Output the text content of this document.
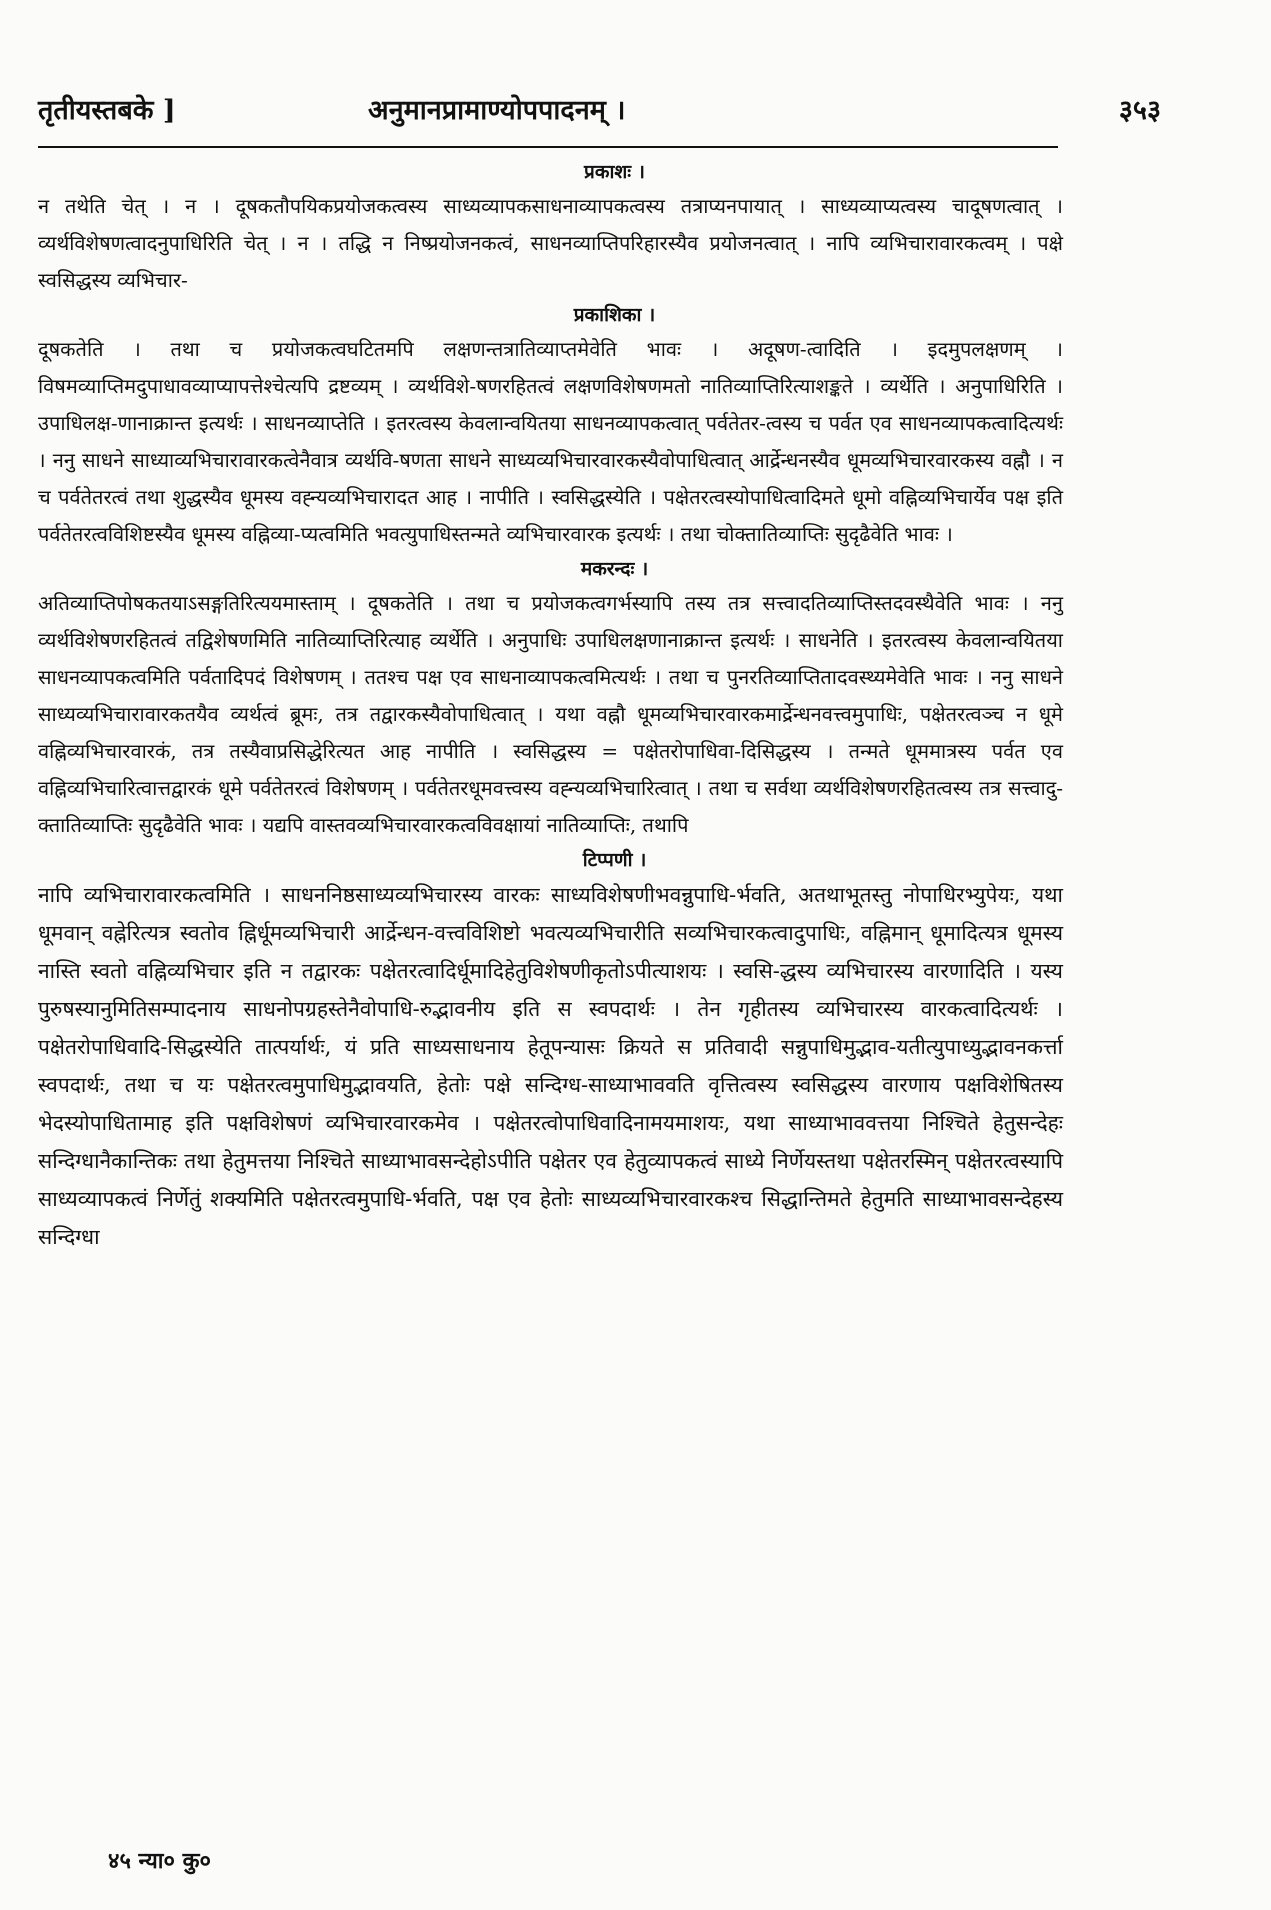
तृतीयस्तबके ]	अनुमानप्रामाण्योपपादनम् ।	३५३
प्रकाशः ।
न तथेति चेत् । न । दूषकतौपयिकप्रयोजकत्वस्य साध्यव्यापकसाधनाव्यापकत्वस्य तत्राप्यनपायात् । साध्यव्याप्यत्वस्य चादूषणत्वात् । व्यर्थविशेषणत्वादनुपाधिरिति चेत् । न । तद्धि न निष्प्रयोजनकत्वं, साधनव्याप्तिपरिहारस्यैव प्रयोजनत्वात् । नापि व्यभिचारावारकत्वम् । पक्षे स्वसिद्धस्य व्यभिचार-
प्रकाशिका ।
दूषकतेति । तथा च प्रयोजकत्वघटितमपि लक्षणन्तत्रातिव्याप्तमेवेति भावः । अदूषण-त्वादिति । इदमुपलक्षणम् । विषमव्याप्तिमदुपाधावव्याप्यापत्तेश्चेत्यपि द्रष्टव्यम् । व्यर्थविशे-षणरहितत्वं लक्षणविशेषणमतो नातिव्याप्तिरित्याशङ्कते । व्यर्थेति । अनुपाधिरिति । उपाधिलक्ष-णानाक्रान्त इत्यर्थः । साधनव्याप्तेति । इतरत्वस्य केवलान्वयितया साधनव्यापकत्वात् पर्वतेतर-त्वस्य च पर्वत एव साधनव्यापकत्वादित्यर्थः । ननु साधने साध्याव्यभिचारावारकत्वेनैवात्र व्यर्थवि-षणता साधने साध्यव्यभिचारवारकस्यैवोपाधित्वात् आर्द्रेन्धनस्यैव धूमव्यभिचारवारकस्य वह्नौ । न च पर्वतेतरत्वं तथा शुद्धस्यैव धूमस्य वह्न्यव्यभिचारादत आह । नापीति । स्वसिद्धस्येति । पक्षेतरत्वस्योपाधित्वादिमते धूमो वह्निव्यभिचार्येव पक्ष इति पर्वतेतरत्वविशिष्टस्यैव धूमस्य वह्निव्या-प्यत्वमिति भवत्युपाधिस्तन्मते व्यभिचारवारक इत्यर्थः । तथा चोक्तातिव्याप्तिः सुदृढैवेति भावः ।
मकरन्दः ।
अतिव्याप्तिपोषकतयाऽसङ्गतिरित्ययमास्ताम् । दूषकतेति । तथा च प्रयोजकत्वगर्भस्यापि तस्य तत्र सत्त्वादतिव्याप्तिस्तदवस्थैवेति भावः । ननु व्यर्थविशेषणरहितत्वं तद्विशेषणमिति नातिव्याप्तिरित्याह व्यर्थेति । अनुपाधिः उपाधिलक्षणानाक्रान्त इत्यर्थः । साधनेति । इतरत्वस्य केवलान्वयितया साधनव्यापकत्वमिति पर्वतादिपदं विशेषणम् । ततश्च पक्ष एव साधनाव्यापकत्वमित्यर्थः । तथा च पुनरतिव्याप्तितादवस्थ्यमेवेति भावः । ननु साधने साध्यव्यभिचारावारकतयैव व्यर्थत्वं ब्रूमः, तत्र तद्वारकस्यैवोपाधित्वात् । यथा वह्नौ धूमव्यभिचारवारकमार्द्रेन्धनवत्त्वमुपाधिः, पक्षेतरत्वञ्च न धूमे वह्निव्यभिचारवारकं, तत्र तस्यैवाप्रसिद्धेरित्यत आह नापीति । स्वसिद्धस्य = पक्षेतरोपाधिवा-दिसिद्धस्य । तन्मते धूममात्रस्य पर्वत एव वह्निव्यभिचारित्वात्तद्वारकं धूमे पर्वतेतरत्वं विशेषणम् । पर्वतेतरधूमवत्त्वस्य वह्न्यव्यभिचारित्वात् । तथा च सर्वथा व्यर्थविशेषणरहितत्वस्य तत्र सत्त्वादु-क्तातिव्याप्तिः सुदृढैवेति भावः । यद्यपि वास्तवव्यभिचारवारकत्वविवक्षायां नातिव्याप्तिः, तथापि
टिप्पणी ।
नापि व्यभिचारावारकत्वमिति । साधननिष्ठसाध्यव्यभिचारस्य वारकः साध्यविशेषणीभवन्नुपाधि-र्भवति, अतथाभूतस्तु नोपाधिरभ्युपेयः, यथा धूमवान् वह्नेरित्यत्र स्वतोव ह्निर्धूमव्यभिचारी आर्द्रेन्धन-वत्त्वविशिष्टो भवत्यव्यभिचारीति सव्यभिचारकत्वादुपाधिः, वह्निमान् धूमादित्यत्र धूमस्य नास्ति स्वतो वह्निव्यभिचार इति न तद्वारकः पक्षेतरत्वादिर्धूमादिहेतुविशेषणीकृतोऽपीत्याशयः । स्वसि-द्धस्य व्यभिचारस्य वारणादिति । यस्य पुरुषस्यानुमितिसम्पादनाय साधनोपग्रहस्तेनैवोपाधि-रुद्भावनीय इति स स्वपदार्थः । तेन गृहीतस्य व्यभिचारस्य वारकत्वादित्यर्थः । पक्षेतरोपाधिवादि-सिद्धस्येति तात्पर्यार्थः, यं प्रति साध्यसाधनाय हेतूपन्यासः क्रियते स प्रतिवादी सन्नुपाधिमुद्भाव-यतीत्युपाध्युद्भावनकर्त्ता स्वपदार्थः, तथा च यः पक्षेतरत्वमुपाधिमुद्भावयति, हेतोः पक्षे सन्दिग्ध-साध्याभाववति वृत्तित्वस्य स्वसिद्धस्य वारणाय पक्षविशेषितस्य भेदस्योपाधितामाह इति पक्षविशेषणं व्यभिचारवारकमेव । पक्षेतरत्वोपाधिवादिनामयमाशयः, यथा साध्याभाववत्तया निश्चिते हेतुसन्देहः सन्दिग्धानैकान्तिकः तथा हेतुमत्तया निश्चिते साध्याभावसन्देहोऽपीति पक्षेतर एव हेतुव्यापकत्वं साध्ये निर्णेयस्तथा पक्षेतरस्मिन् पक्षेतरत्वस्यापि साध्यव्यापकत्वं निर्णेतुं शक्यमिति पक्षेतरत्वमुपाधि-र्भवति, पक्ष एव हेतोः साध्यव्यभिचारवारकश्च सिद्धान्तिमते हेतुमति साध्याभावसन्देहस्य सन्दिग्धा
४५ न्या० कु०
